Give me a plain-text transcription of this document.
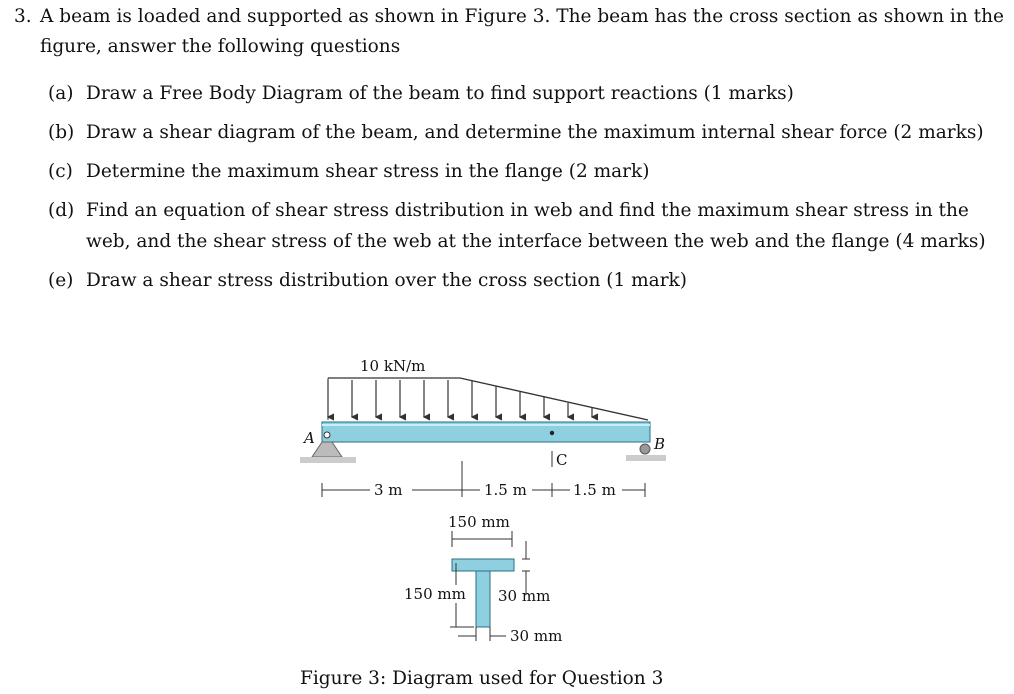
3. A beam is loaded and supported as shown in Figure 3. The beam has the cross section as shown in the figure, answer the following questions
(a) Draw a Free Body Diagram of the beam to find support reactions (1 marks)
(b) Draw a shear diagram of the beam, and determine the maximum internal shear force (2 marks)
(c) Determine the maximum shear stress in the flange (2 mark)
(d) Find an equation of shear stress distribution in web and find the maximum shear stress in the web, and the shear stress of the web at the interface between the web and the flange (4 marks)
(e) Draw a shear stress distribution over the cross section (1 mark)
10 kN/m
A	B
C
3 m	1.5 m	1.5 m
150 mm
150 mm 30 mm
30 mm
Figure 3: Diagram used for Question 3
